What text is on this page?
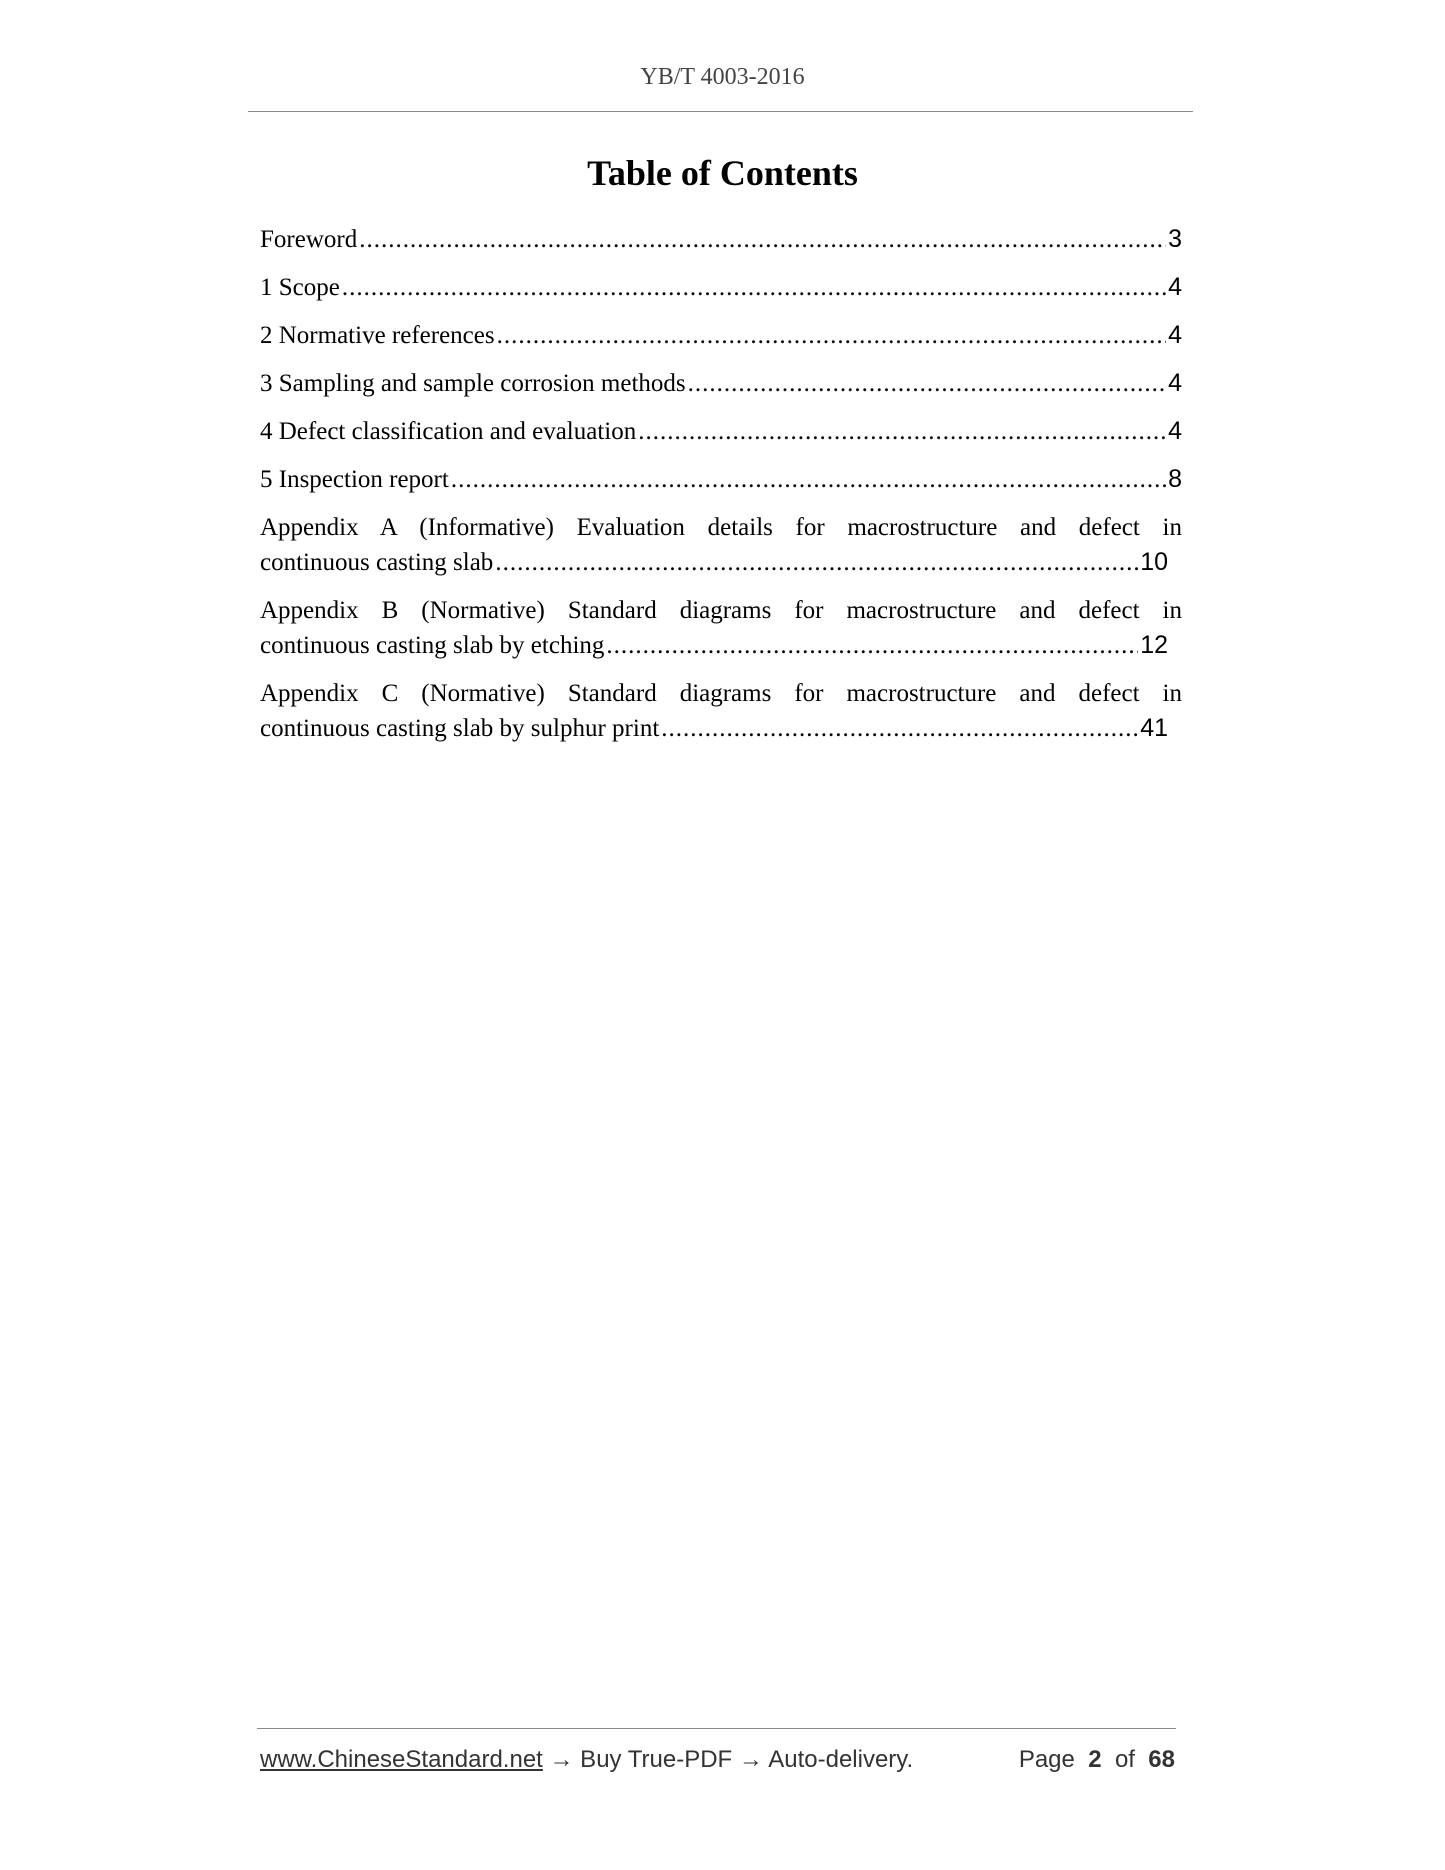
YB/T 4003-2016
Table of Contents
Foreword .....	3
1 Scope .....	4
2 Normative references .....	4
3 Sampling and sample corrosion methods .....	4
4 Defect classification and evaluation .....	4
5 Inspection report .....	8
Appendix A (Informative) Evaluation details for macrostructure and defect in
continuous casting slab .....	10
Appendix B (Normative) Standard diagrams for macrostructure and defect in
continuous casting slab by etching .....	12
Appendix C (Normative) Standard diagrams for macrostructure and defect in
continuous casting slab by sulphur print .....	41
www.ChineseStandard.net → Buy True-PDF → Auto-delivery.	Page 2 of 68
